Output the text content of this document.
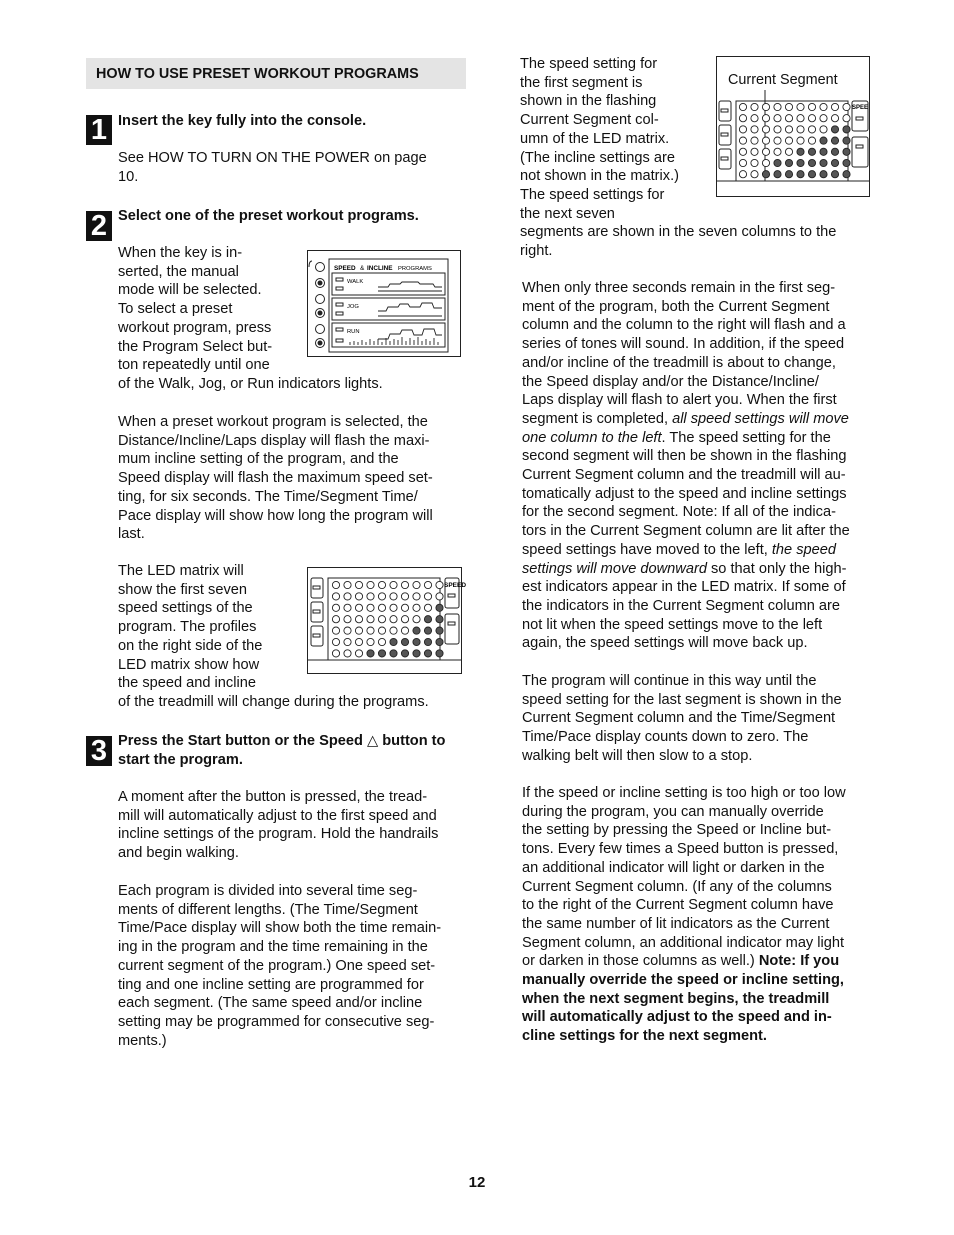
HOW TO USE PRESET WORKOUT PROGRAMS
1 Insert the key fully into the console.

See HOW TO TURN ON THE POWER on page
10.

2 Select one of the preset workout programs.

When the key is in-
serted, the manual
mode will be selected.
To select a preset
workout program, press
the Program Select but-
ton repeatedly until one
of the Walk, Jog, or Run indicators lights.

SPEED & INCLINE PROGRAMS
WALK
JOG
RUN

When a preset workout program is selected, the
Distance/Incline/Laps display will flash the maxi-
mum incline setting of the program, and the
Speed display will flash the maximum speed set-
ting, for six seconds. The Time/Segment Time/
Pace display will show how long the program will
last.

The LED matrix will
show the first seven
speed settings of the
program. The profiles
on the right side of the
LED matrix show how
the speed and incline
of the treadmill will change during the programs.

SPEED
3 Press the Start button or the Speed △ button to
start the program.

A moment after the button is pressed, the tread-
mill will automatically adjust to the first speed and
incline settings of the program. Hold the handrails
and begin walking.

Each program is divided into several time seg-
ments of different lengths. (The Time/Segment
Time/Pace display will show both the time remain-
ing in the program and the time remaining in the
current segment of the program.) One speed set-
ting and one incline setting are programmed for
each segment. (The same speed and/or incline
setting may be programmed for consecutive seg-
ments.)

The speed setting for
the first segment is
shown in the flashing
Current Segment col-
umn of the LED matrix.
(The incline settings are
not shown in the matrix.)
The speed settings for
the next seven

segments are shown in the seven columns to the
right.

Current Segment
SPEE

When only three seconds remain in the first seg-
ment of the program, both the Current Segment
column and the column to the right will flash and a
series of tones will sound. In addition, if the speed
and/or incline of the treadmill is about to change,
the Speed display and/or the Distance/Incline/
Laps display will flash to alert you. When the first
segment is completed, all speed settings will move
one column to the left. The speed setting for the
second segment will then be shown in the flashing
Current Segment column and the treadmill will au-
tomatically adjust to the speed and incline settings
for the second segment. Note: If all of the indica-
tors in the Current Segment column are lit after the
speed settings have moved to the left, the speed
settings will move downward so that only the high-
est indicators appear in the LED matrix. If some of
the indicators in the Current Segment column are
not lit when the speed settings move to the left
again, the speed settings will move back up.

The program will continue in this way until the
speed setting for the last segment is shown in the
Current Segment column and the Time/Segment
Time/Pace display counts down to zero. The
walking belt will then slow to a stop.

If the speed or incline setting is too high or too low
during the program, you can manually override
the setting by pressing the Speed or Incline but-
tons. Every few times a Speed button is pressed,
an additional indicator will light or darken in the
Current Segment column. (If any of the columns
to the right of the Current Segment column have
the same number of lit indicators as the Current
Segment column, an additional indicator may light
or darken in those columns as well.) Note: If you
manually override the speed or incline setting,
when the next segment begins, the treadmill
will automatically adjust to the speed and in-
cline settings for the next segment.

12
